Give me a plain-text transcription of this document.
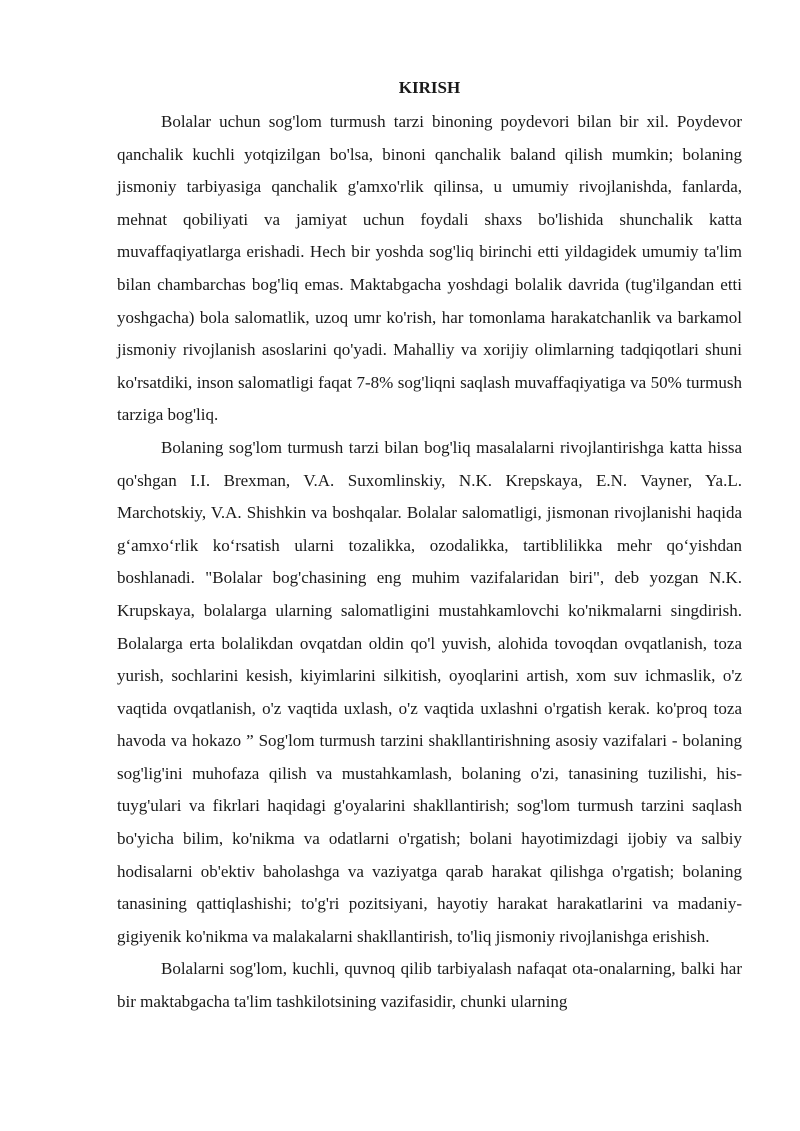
KIRISH

Bolalar uchun sog'lom turmush tarzi binoning poydevori bilan bir xil. Poydevor qanchalik kuchli yotqizilgan bo'lsa, binoni qanchalik baland qilish mumkin; bolaning jismoniy tarbiyasiga qanchalik g'amxo'rlik qilinsa, u umumiy rivojlanishda, fanlarda, mehnat qobiliyati va jamiyat uchun foydali shaxs bo'lishida shunchalik katta muvaffaqiyatlarga erishadi. Hech bir yoshda sog'liq birinchi etti yildagidek umumiy ta'lim bilan chambarchas bog'liq emas. Maktabgacha yoshdagi bolalik davrida (tug'ilgandan etti yoshgacha) bola salomatlik, uzoq umr ko'rish, har tomonlama harakatchanlik va barkamol jismoniy rivojlanish asoslarini qo'yadi. Mahalliy va xorijiy olimlarning tadqiqotlari shuni ko'rsatdiki, inson salomatligi faqat 7-8% sog'liqni saqlash muvaffaqiyatiga va 50% turmush tarziga bog'liq.

Bolaning sog'lom turmush tarzi bilan bog'liq masalalarni rivojlantirishga katta hissa qo'shgan I.I. Brexman, V.A. Suxomlinskiy, N.K. Krepskaya, E.N. Vayner, Ya.L. Marchotskiy, V.A. Shishkin va boshqalar. Bolalar salomatligi, jismonan rivojlanishi haqida g‘amxo‘rlik ko‘rsatish ularni tozalikka, ozodalikka, tartiblilikka mehr qo‘yishdan boshlanadi. "Bolalar bog'chasining eng muhim vazifalaridan biri", deb yozgan N.K. Krupskaya, bolalarga ularning salomatligini mustahkamlovchi ko'nikmalarni singdirish. Bolalarga erta bolalikdan ovqatdan oldin qo'l yuvish, alohida tovoqdan ovqatlanish, toza yurish, sochlarini kesish, kiyimlarini silkitish, oyoqlarini artish, xom suv ichmaslik, o'z vaqtida ovqatlanish, o'z vaqtida uxlash, o'z vaqtida uxlashni o'rgatish kerak. ko'proq toza havoda va hokazo ” Sog'lom turmush tarzini shakllantirishning asosiy vazifalari - bolaning sog'lig'ini muhofaza qilish va mustahkamlash, bolaning o'zi, tanasining tuzilishi, his-tuyg'ulari va fikrlari haqidagi g'oyalarini shakllantirish; sog'lom turmush tarzini saqlash bo'yicha bilim, ko'nikma va odatlarni o'rgatish; bolani hayotimizdagi ijobiy va salbiy hodisalarni ob'ektiv baholashga va vaziyatga qarab harakat qilishga o'rgatish; bolaning tanasining qattiqlashishi; to'g'ri pozitsiyani, hayotiy harakat harakatlarini va madaniy-gigiyenik ko'nikma va malakalarni shakllantirish, to'liq jismoniy rivojlanishga erishish.

Bolalarni sog'lom, kuchli, quvnoq qilib tarbiyalash nafaqat ota-onalarning, balki har bir maktabgacha ta'lim tashkilotsining vazifasidir, chunki ularning
